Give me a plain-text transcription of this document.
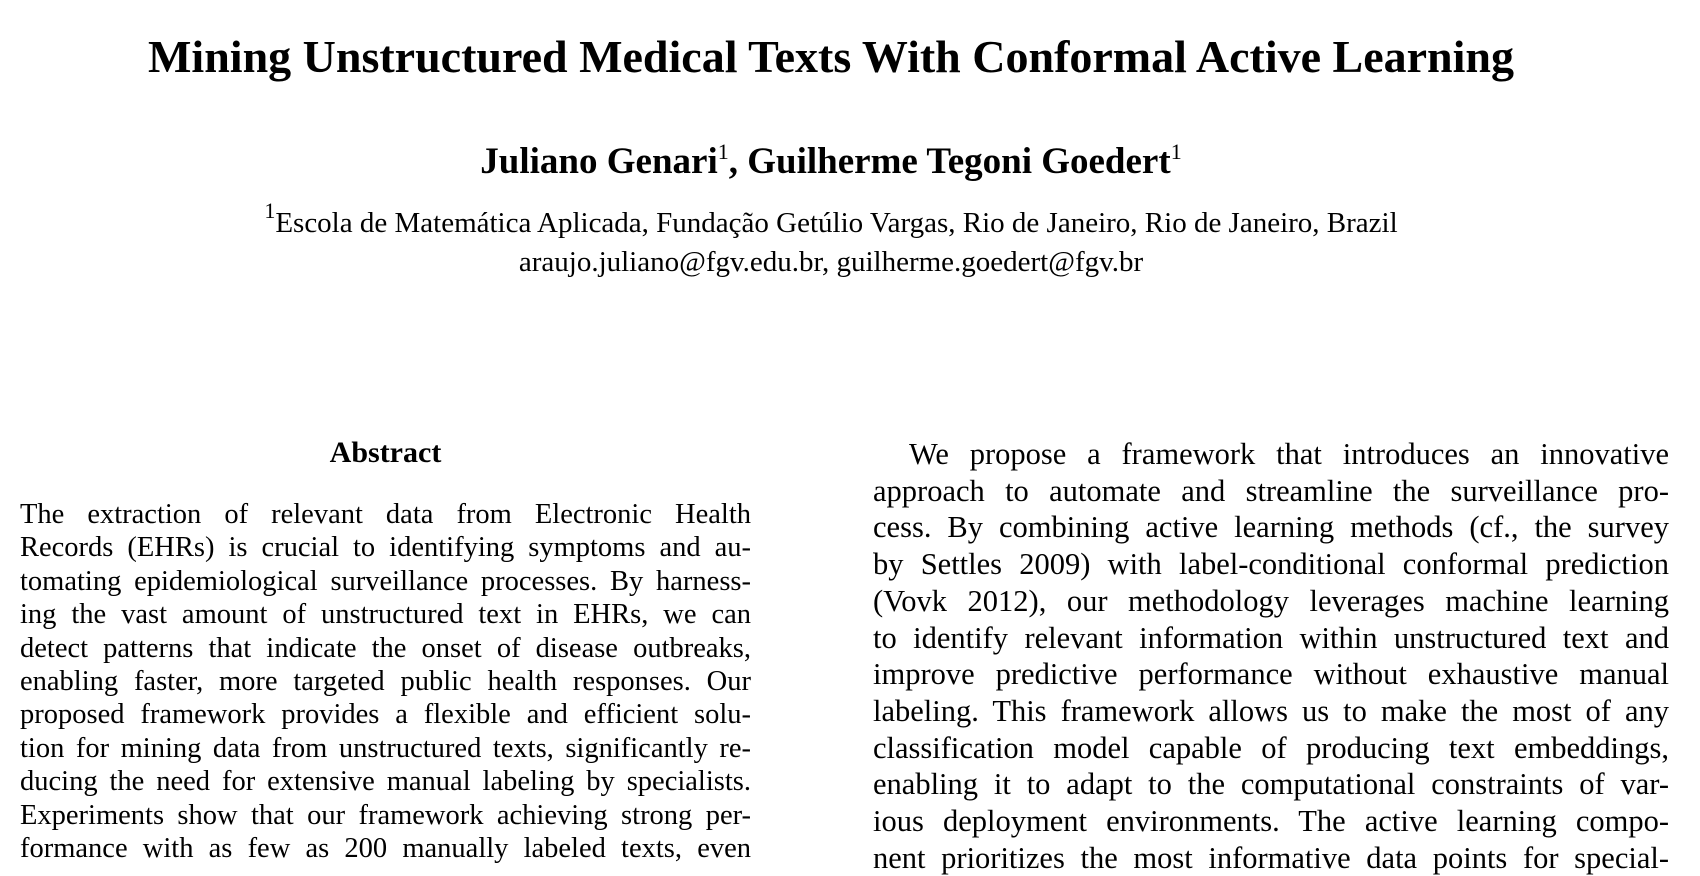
Mining Unstructured Medical Texts With Conformal Active Learning
Juliano Genari$^1$, Guilherme Tegoni Goedert$^1$
$^1$Escola de Matemática Aplicada, Fundação Getúlio Vargas, Rio de Janeiro, Rio de Janeiro, Brazil
araujo.juliano@fgv.edu.br, guilherme.goedert@fgv.br
Abstract
The extraction of relevant data from Electronic Health
Records (EHRs) is crucial to identifying symptoms and au-
tomating epidemiological surveillance processes. By harness-
ing the vast amount of unstructured text in EHRs, we can
detect patterns that indicate the onset of disease outbreaks,
enabling faster, more targeted public health responses. Our
proposed framework provides a flexible and efficient solu-
tion for mining data from unstructured texts, significantly re-
ducing the need for extensive manual labeling by specialists.
Experiments show that our framework achieving strong per-
formance with as few as 200 manually labeled texts, even
We propose a framework that introduces an innovative
approach to automate and streamline the surveillance pro-
cess. By combining active learning methods (cf., the survey
by Settles 2009) with label-conditional conformal prediction
(Vovk 2012), our methodology leverages machine learning
to identify relevant information within unstructured text and
improve predictive performance without exhaustive manual
labeling. This framework allows us to make the most of any
classification model capable of producing text embeddings,
enabling it to adapt to the computational constraints of var-
ious deployment environments. The active learning compo-
nent prioritizes the most informative data points for special-
